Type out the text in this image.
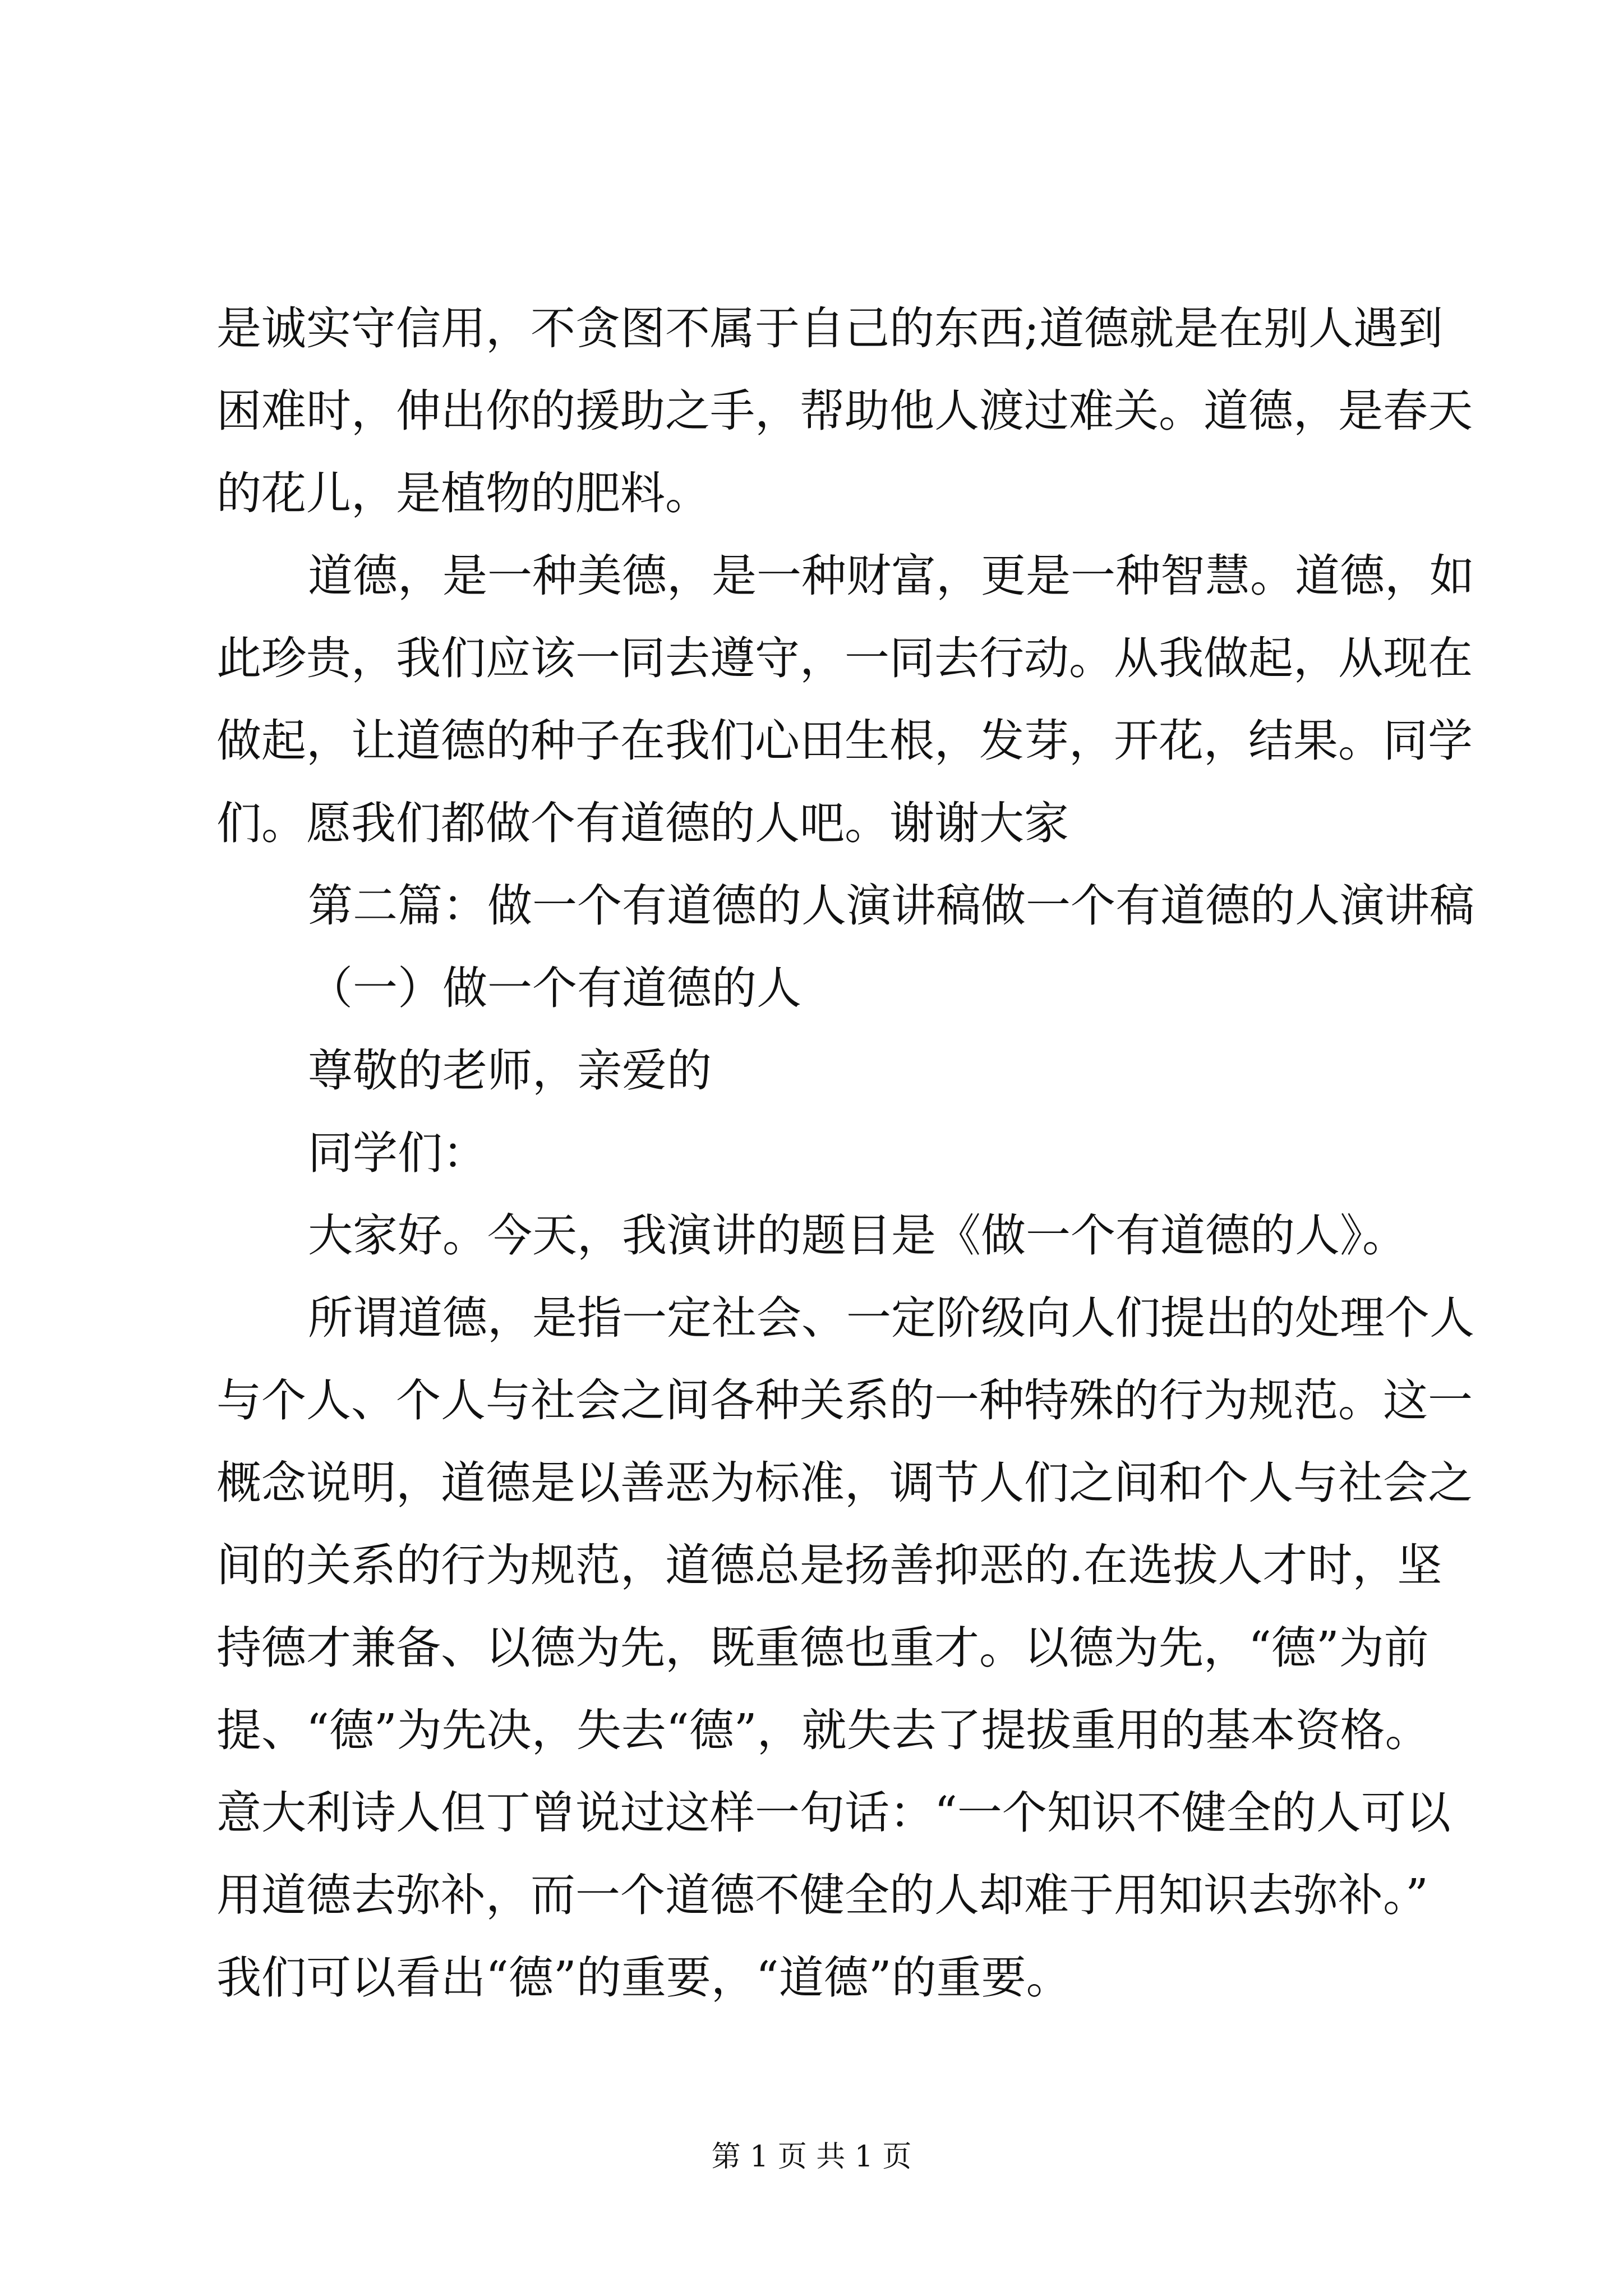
是诚实守信用，不贪图不属于自己的东西;道德就是在别人遇到
困难时，伸出你的援助之手，帮助他人渡过难关。道德，是春天
的花儿，是植物的肥料。
道德，是一种美德，是一种财富，更是一种智慧。道德，如
此珍贵，我们应该一同去遵守，一同去行动。从我做起，从现在
做起，让道德的种子在我们心田生根，发芽，开花，结果。同学
们。愿我们都做个有道德的人吧。谢谢大家
第二篇：做一个有道德的人演讲稿做一个有道德的人演讲稿
（一）做一个有道德的人
尊敬的老师，亲爱的
同学们：
大家好。今天，我演讲的题目是《做一个有道德的人》。
所谓道德，是指一定社会、一定阶级向人们提出的处理个人
与个人、个人与社会之间各种关系的一种特殊的行为规范。这一
概念说明，道德是以善恶为标准，调节人们之间和个人与社会之
间的关系的行为规范，道德总是扬善抑恶的.在选拔人才时，坚
持德才兼备、以德为先，既重德也重才。以德为先，“德”为前
提、“德”为先决，失去“德”，就失去了提拔重用的基本资格。
意大利诗人但丁曾说过这样一句话：“一个知识不健全的人可以
用道德去弥补，而一个道德不健全的人却难于用知识去弥补。”
我们可以看出“德”的重要，“道德”的重要。
第 1 页 共 1 页
